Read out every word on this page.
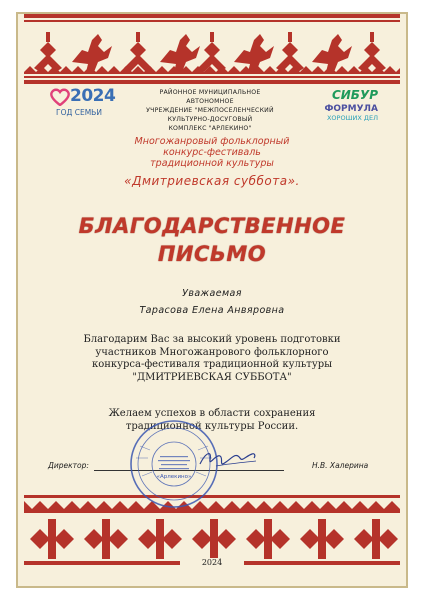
2024
ГОД СЕМЬИ
РАЙОННОЕ МУНИЦИПАЛЬНОЕ АВТОНОМНОЕ
УЧРЕЖДЕНИЕ "МЕЖПОСЕЛЕНЧЕСКИЙ
КУЛЬТУРНО-ДОСУГОВЫЙ
КОМПЛЕКС "АРЛЕКИНО"
СИБУР
ФОРМУЛА
ХОРОШИХ ДЕЛ
Многожанровый фольклорный
конкурс-фестиваль
традиционной культуры
«Дмитриевская суббота».
БЛАГОДАРСТВЕННОЕ
ПИСЬМО
Уважаемая
Тарасова Елена Анвяровна
Благодарим Вас за высокий уровень подготовки
участников Многожанрового фольклорного
конкурса-фестиваля традиционной культуры
"ДМИТРИЕВСКАЯ СУББОТА"
Желаем успехов в области сохранения
традиционной культуры России.
Директор:	Н.В. Халерина
«Арлекино»
2024
